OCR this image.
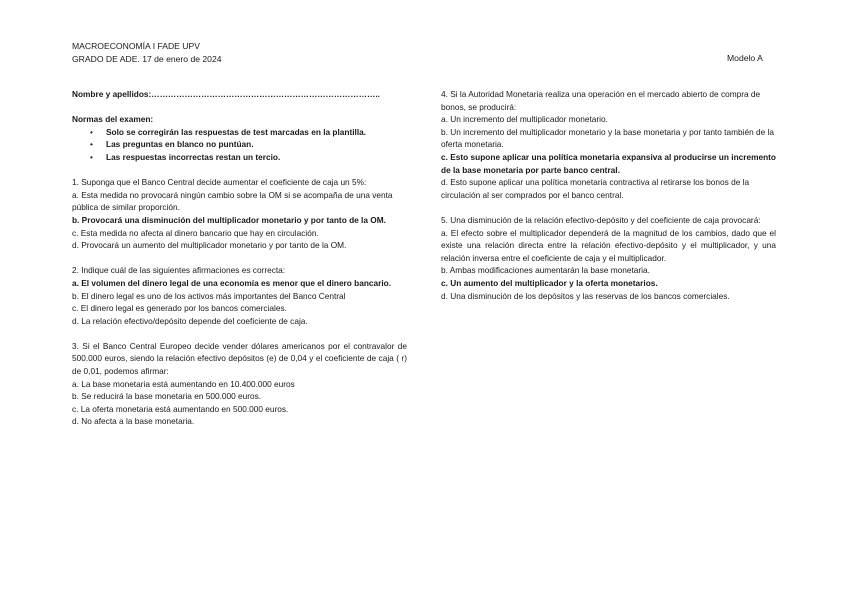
MACROECONOMÍA I FADE UPV
GRADO DE ADE. 17 de enero de 2024	Modelo A

Nombre y apellidos:………………………………………………………………………..

Normas del examen:

• Solo se corregirán las respuestas de test marcadas en la plantilla.
• Las preguntas en blanco no puntúan.
• Las respuestas incorrectas restan un tercio.

1. Suponga que el Banco Central decide aumentar el coeficiente de caja un 5%:

a. Esta medida no provocará ningún cambio sobre la OM si se acompaña de una venta pública de similar proporción.

b. Provocará una disminución del multiplicador monetario y por tanto de la OM.

c. Esta medida no afecta al dinero bancario que hay en circulación.

d. Provocará un aumento del multiplicador monetario y por tanto de la OM.

2. Indique cuál de las siguientes afirmaciones es correcta:

a. El volumen del dinero legal de una economía es menor que el dinero bancario.

b. El dinero legal es uno de los activos más importantes del Banco Central

c. El dinero legal es generado por los bancos comerciales.

d. La relación efectivo/depósito depende del coeficiente de caja.

3. Si el Banco Central Europeo decide vender dólares americanos por el contravalor de 500.000 euros, siendo la relación efectivo depósitos (e) de 0,04 y el coeficiente de caja ( r) de 0,01, podemos afirmar:

a. La base monetaria está aumentando en 10.400.000 euros

b. Se reducirá la base monetaria en 500.000 euros.

c. La oferta monetaria está aumentando en 500.000 euros.

d. No afecta a la base monetaria.

4. Si la Autoridad Monetaria realiza una operación en el mercado abierto de compra de bonos, se producirá:

a. Un incremento del multiplicador monetario.

b. Un incremento del multiplicador monetario y la base monetaria y por tanto también de la oferta monetaria.

c. Esto supone aplicar una política monetaria expansiva al producirse un incremento de la base monetaria por parte banco central.

d. Esto supone aplicar una política monetaria contractiva al retirarse los bonos de la circulación al ser comprados por el banco central.

5. Una disminución de la relación efectivo-depósito y del coeficiente de caja provocará:

a. El efecto sobre el multiplicador dependerá de la magnitud de los cambios, dado que el existe una relación directa entre la relación efectivo-depósito y el multiplicador, y una relación inversa entre el coeficiente de caja y el multiplicador.

b. Ambas modificaciones aumentarán la base monetaria.

c. Un aumento del multiplicador y la oferta monetarios.

d. Una disminución de los depósitos y las reservas de los bancos comerciales.
